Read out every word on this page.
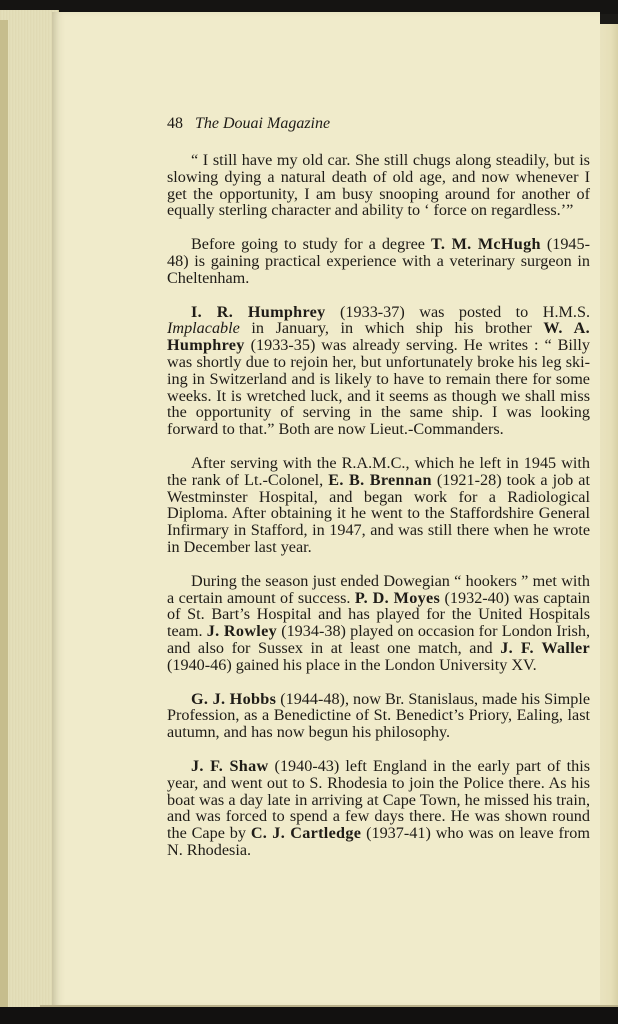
48 The Douai Magazine

“ I still have my old car. She still chugs along steadily, but is slowing dying a natural death of old age, and now whenever I get the opportunity, I am busy snooping around for another of equally sterling character and ability to ‘ force on regardless.’”

Before going to study for a degree T. M. McHugh (1945-48) is gaining practical experience with a veterinary surgeon in Cheltenham.

I. R. Humphrey (1933-37) was posted to H.M.S. Implacable in January, in which ship his brother W. A. Humphrey (1933-35) was already serving. He writes : “ Billy was shortly due to rejoin her, but unfortunately broke his leg ski-ing in Switzerland and is likely to have to remain there for some weeks. It is wretched luck, and it seems as though we shall miss the opportunity of serving in the same ship. I was looking forward to that.” Both are now Lieut.-Commanders.

After serving with the R.A.M.C., which he left in 1945 with the rank of Lt.-Colonel, E. B. Brennan (1921-28) took a job at Westminster Hospital, and began work for a Radiological Diploma. After obtaining it he went to the Staffordshire General Infirmary in Stafford, in 1947, and was still there when he wrote in December last year.

During the season just ended Dowegian “ hookers ” met with a certain amount of success. P. D. Moyes (1932-40) was captain of St. Bart’s Hospital and has played for the United Hospitals team. J. Rowley (1934-38) played on occasion for London Irish, and also for Sussex in at least one match, and J. F. Waller (1940-46) gained his place in the London University XV.

G. J. Hobbs (1944-48), now Br. Stanislaus, made his Simple Profession, as a Benedictine of St. Benedict’s Priory, Ealing, last autumn, and has now begun his philosophy.

J. F. Shaw (1940-43) left England in the early part of this year, and went out to S. Rhodesia to join the Police there. As his boat was a day late in arriving at Cape Town, he missed his train, and was forced to spend a few days there. He was shown round the Cape by C. J. Cartledge (1937-41) who was on leave from N. Rhodesia.
